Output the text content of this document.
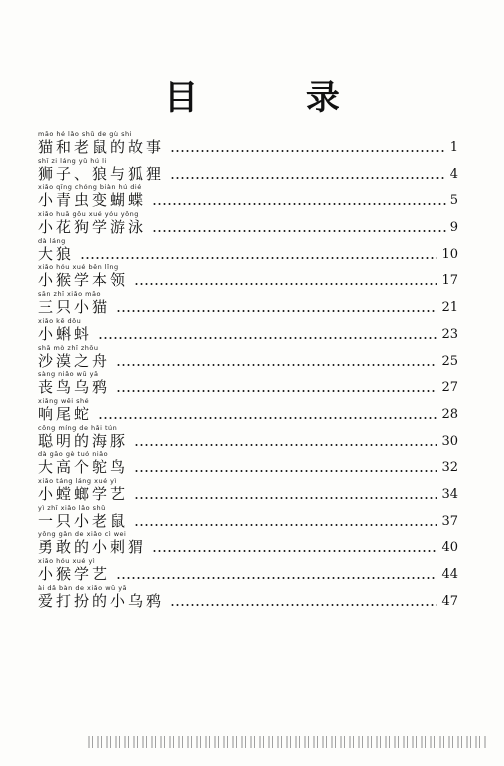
目 录
māo hé lǎo shǔ de gù shi
猫和老鼠的故事	1
shī zi láng yǔ hú li
狮子、狼与狐狸	4
xiǎo qīng chóng biàn hú dié
小青虫变蝴蝶	5
xiǎo huā gǒu xué yóu yǒng
小花狗学游泳	9
dà láng
大狼	10
xiǎo hóu xué běn lǐng
小猴学本领	17
sān zhī xiǎo māo
三只小猫	21
xiǎo kē dǒu
小蝌蚪	23
shā mò zhī zhōu
沙漠之舟	25
sàng niǎo wū yā
丧鸟乌鸦	27
xiǎng wěi shé
响尾蛇	28
cōng míng de hǎi tún
聪明的海豚	30
dà gāo gè tuó niǎo
大高个鸵鸟	32
xiǎo táng láng xué yì
小螳螂学艺	34
yì zhī xiǎo lǎo shǔ
一只小老鼠	37
yǒng gǎn de xiǎo cì wei
勇敢的小刺猬	40
xiǎo hóu xué yì
小猴学艺	44
ài dǎ bàn de xiǎo wū yā
爱打扮的小乌鸦	47
